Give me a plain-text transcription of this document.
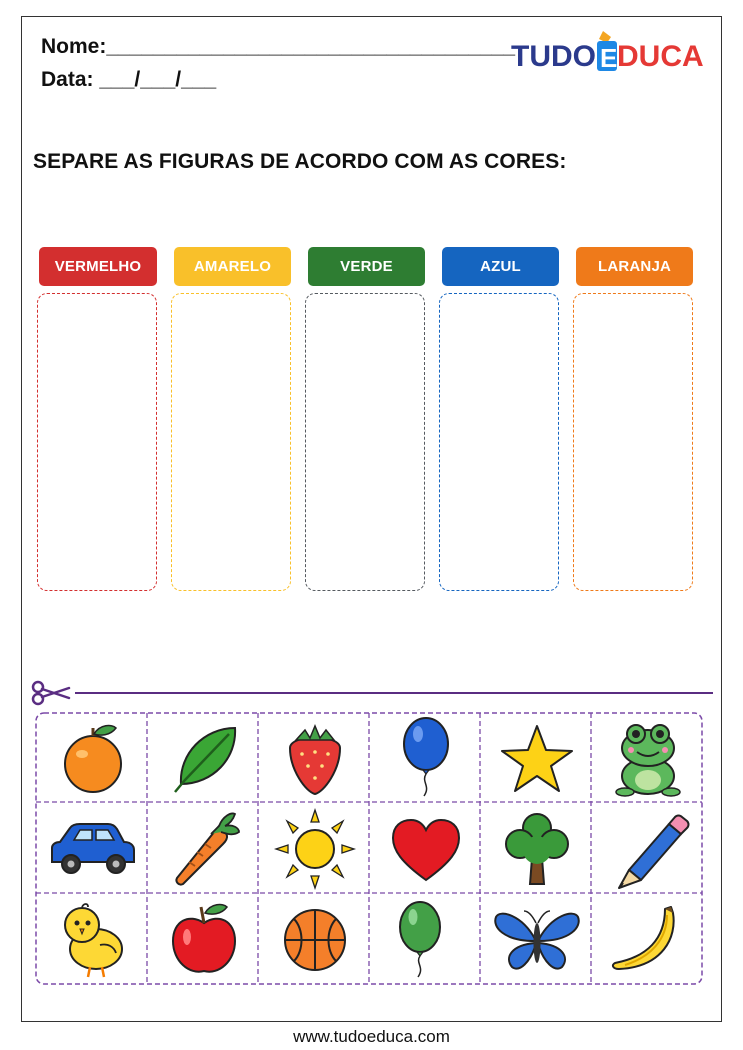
Nome:___________________________________
Data: ___/___/___
TUDO E DUCA
SEPARE AS FIGURAS DE ACORDO COM AS CORES:
VERMELHO	AMARELO	VERDE	AZUL	LARANJA
www.tudoeduca.com
